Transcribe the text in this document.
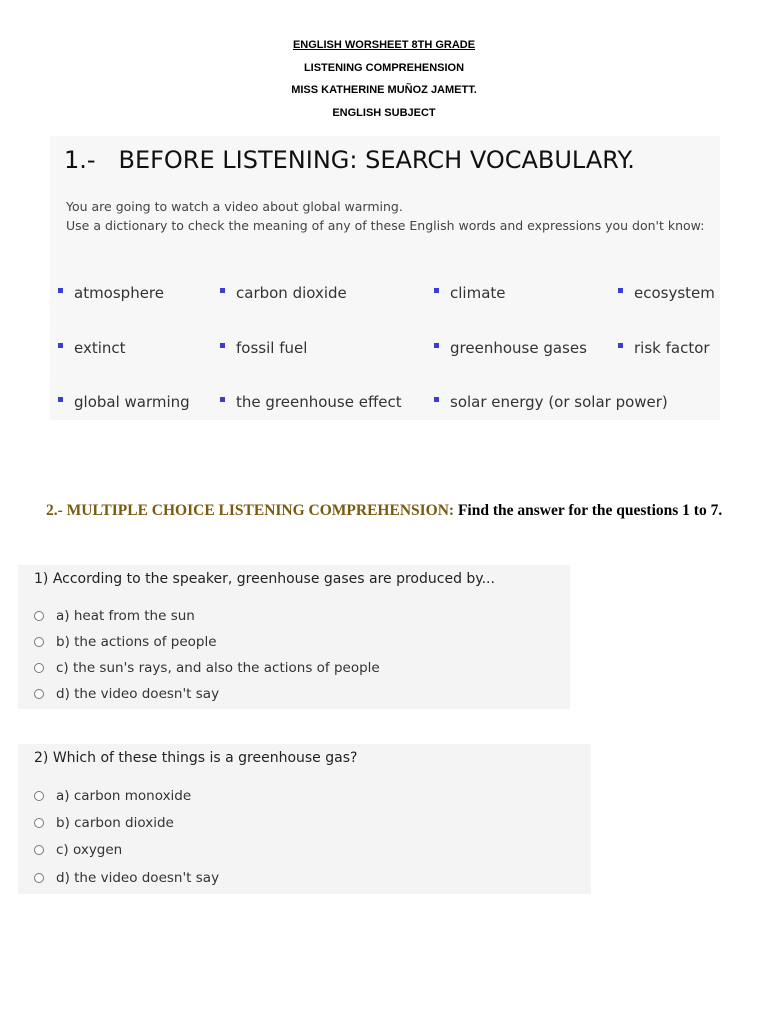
ENGLISH WORSHEET 8TH GRADE
LISTENING COMPREHENSION
MISS KATHERINE MUÑOZ JAMETT.
ENGLISH SUBJECT
1.- BEFORE LISTENING: SEARCH VOCABULARY.
You are going to watch a video about global warming.
Use a dictionary to check the meaning of any of these English words and expressions you don't know:
atmosphere	carbon dioxide	climate	ecosystem
extinct	fossil fuel	greenhouse gases	risk factor
global warming	the greenhouse effect	solar energy (or solar power)
2.- MULTIPLE CHOICE LISTENING COMPREHENSION: Find the answer for the questions 1 to 7.
1) According to the speaker, greenhouse gases are produced by...
a) heat from the sun
b) the actions of people
c) the sun's rays, and also the actions of people
d) the video doesn't say
2) Which of these things is a greenhouse gas?
a) carbon monoxide
b) carbon dioxide
c) oxygen
d) the video doesn't say
